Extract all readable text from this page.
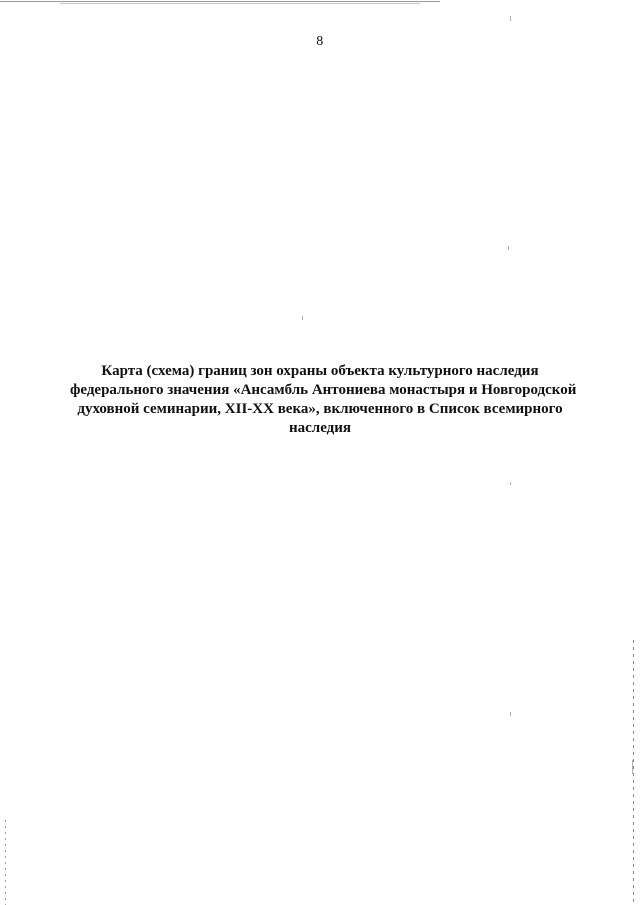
8
Карта (схема) границ зон охраны объекта культурного наследия
федерального значения «Ансамбль Антониева монастыря и Новгородской
духовной семинарии, XII-XX века», включенного в Список всемирного
наследия
